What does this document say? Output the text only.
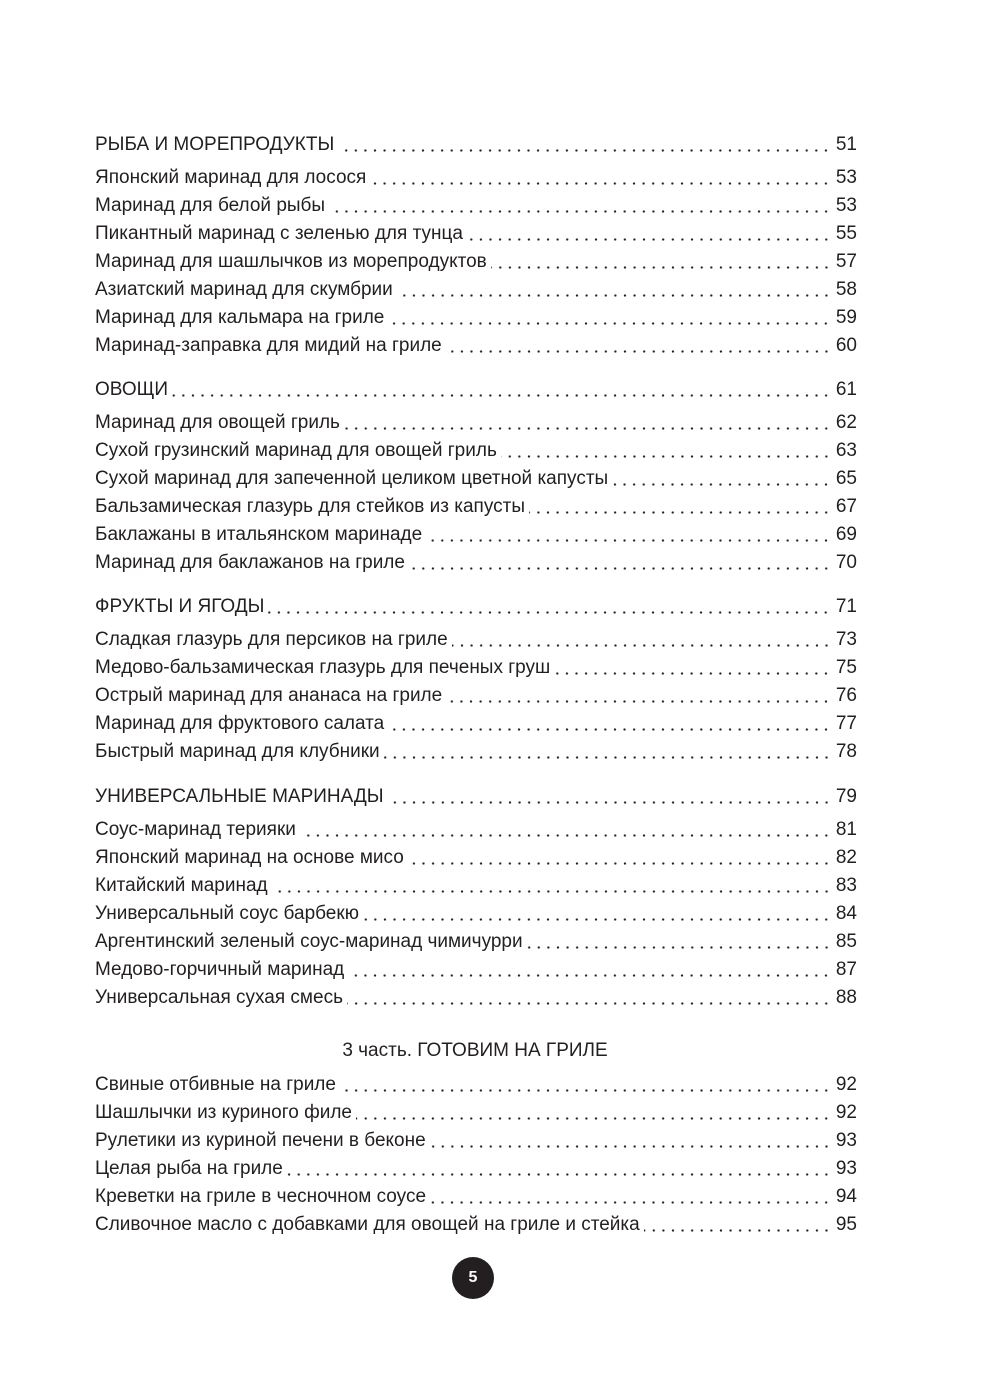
РЫБА И МОРЕПРОДУКТЫ	51
Японский маринад для лосося	53
Маринад для белой рыбы	53
Пикантный маринад с зеленью для тунца	55
Маринад для шашлычков из морепродуктов	57
Азиатский маринад для скумбрии	58
Маринад для кальмара на гриле	59
Маринад-заправка для мидий на гриле	60
ОВОЩИ	61
Маринад для овощей гриль	62
Сухой грузинский маринад для овощей гриль	63
Сухой маринад для запеченной целиком цветной капусты	65
Бальзамическая глазурь для стейков из капусты	67
Баклажаны в итальянском маринаде	69
Маринад для баклажанов на гриле	70
ФРУКТЫ И ЯГОДЫ	71
Сладкая глазурь для персиков на гриле	73
Медово-бальзамическая глазурь для печеных груш	75
Острый маринад для ананаса на гриле	76
Маринад для фруктового салата	77
Быстрый маринад для клубники	78
УНИВЕРСАЛЬНЫЕ МАРИНАДЫ	79
Соус-маринад терияки	81
Японский маринад на основе мисо	82
Китайский маринад	83
Универсальный соус барбекю	84
Аргентинский зеленый соус-маринад чимичурри	85
Медово-горчичный маринад	87
Универсальная сухая смесь	88
3 часть. ГОТОВИМ НА ГРИЛЕ
Свиные отбивные на гриле	92
Шашлычки из куриного филе	92
Рулетики из куриной печени в беконе	93
Целая рыба на гриле	93
Креветки на гриле в чесночном соусе	94
Сливочное масло с добавками для овощей на гриле и стейка	95
5
